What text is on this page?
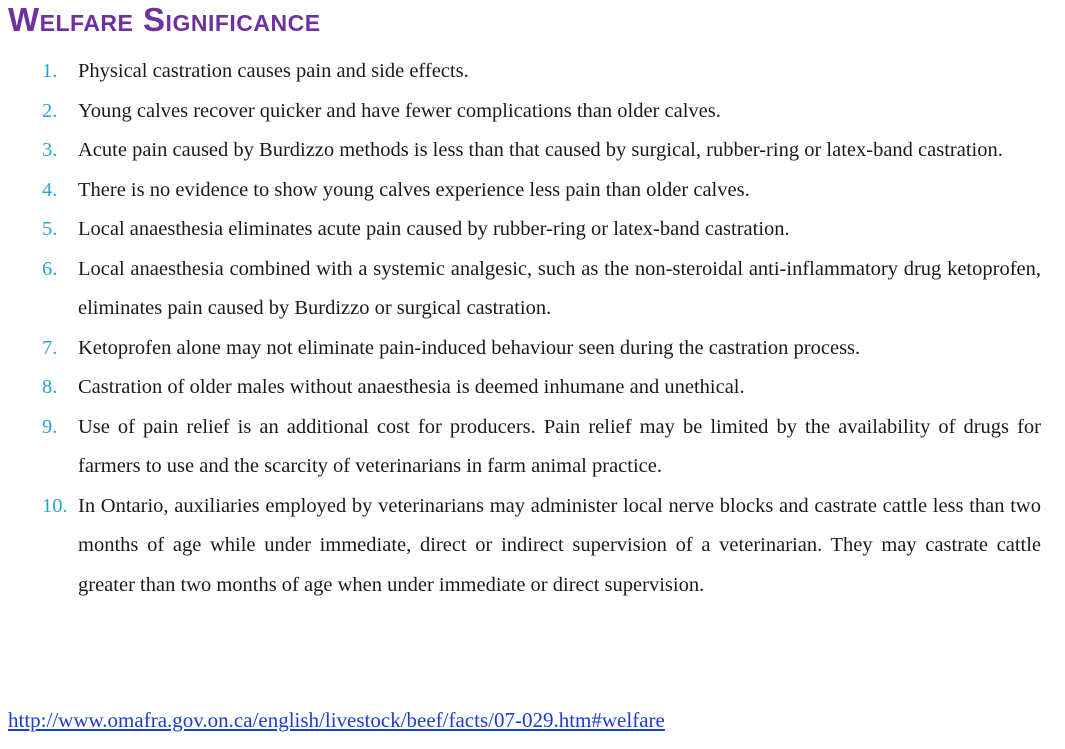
Welfare Significance
1. Physical castration causes pain and side effects.
2. Young calves recover quicker and have fewer complications than older calves.
3. Acute pain caused by Burdizzo methods is less than that caused by surgical, rubber-ring or latex-band castration.
4. There is no evidence to show young calves experience less pain than older calves.
5. Local anaesthesia eliminates acute pain caused by rubber-ring or latex-band castration.
6. Local anaesthesia combined with a systemic analgesic, such as the non-steroidal anti-inflammatory drug ketoprofen, eliminates pain caused by Burdizzo or surgical castration.
7. Ketoprofen alone may not eliminate pain-induced behaviour seen during the castration process.
8. Castration of older males without anaesthesia is deemed inhumane and unethical.
9. Use of pain relief is an additional cost for producers. Pain relief may be limited by the availability of drugs for farmers to use and the scarcity of veterinarians in farm animal practice.
10. In Ontario, auxiliaries employed by veterinarians may administer local nerve blocks and castrate cattle less than two months of age while under immediate, direct or indirect supervision of a veterinarian. They may castrate cattle greater than two months of age when under immediate or direct supervision.
http://www.omafra.gov.on.ca/english/livestock/beef/facts/07-029.htm#welfare
